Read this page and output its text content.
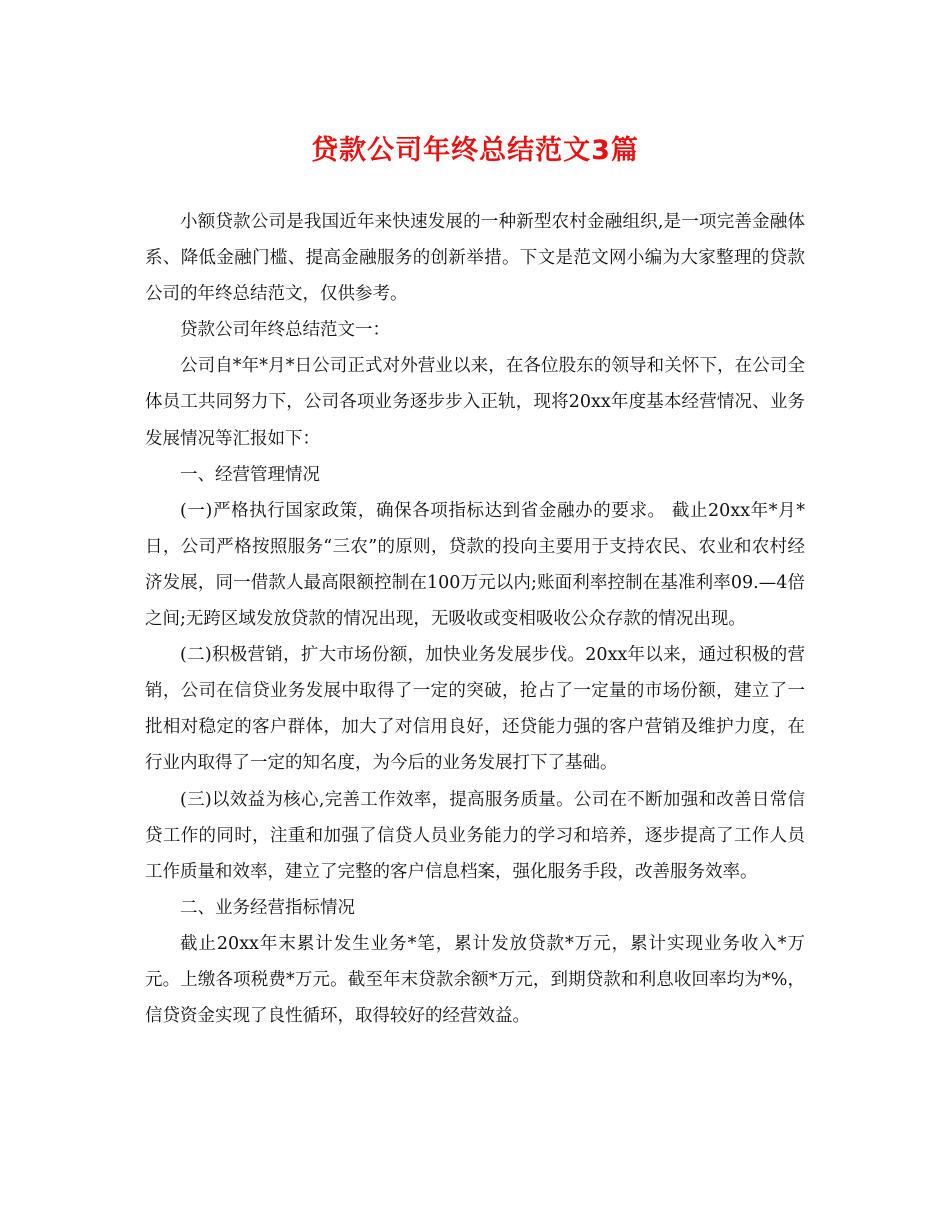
贷款公司年终总结范文3篇

小额贷款公司是我国近年来快速发展的一种新型农村金融组织,是一项完善金融体系、降低金融门槛、提高金融服务的创新举措。下文是范文网小编为大家整理的贷款公司的年终总结范文，仅供参考。

贷款公司年终总结范文一：

公司自*年*月*日公司正式对外营业以来，在各位股东的领导和关怀下，在公司全体员工共同努力下，公司各项业务逐步步入正轨，现将20xx年度基本经营情况、业务发展情况等汇报如下：

一、经营管理情况

(一)严格执行国家政策，确保各项指标达到省金融办的要求。 截止20xx年*月*日，公司严格按照服务“三农”的原则，贷款的投向主要用于支持农民、农业和农村经济发展，同一借款人最高限额控制在100万元以内;账面利率控制在基准利率09.—4倍之间;无跨区域发放贷款的情况出现，无吸收或变相吸收公众存款的情况出现。

(二)积极营销，扩大市场份额，加快业务发展步伐。20xx年以来，通过积极的营销，公司在信贷业务发展中取得了一定的突破，抢占了一定量的市场份额，建立了一批相对稳定的客户群体，加大了对信用良好，还贷能力强的客户营销及维护力度，在行业内取得了一定的知名度，为今后的业务发展打下了基础。

(三)以效益为核心,完善工作效率，提高服务质量。公司在不断加强和改善日常信贷工作的同时，注重和加强了信贷人员业务能力的学习和培养，逐步提高了工作人员工作质量和效率，建立了完整的客户信息档案，强化服务手段，改善服务效率。

二、业务经营指标情况

截止20xx年末累计发生业务*笔，累计发放贷款*万元，累计实现业务收入*万元。上缴各项税费*万元。截至年末贷款余额*万元，到期贷款和利息收回率均为*%，信贷资金实现了良性循环，取得较好的经营效益。
